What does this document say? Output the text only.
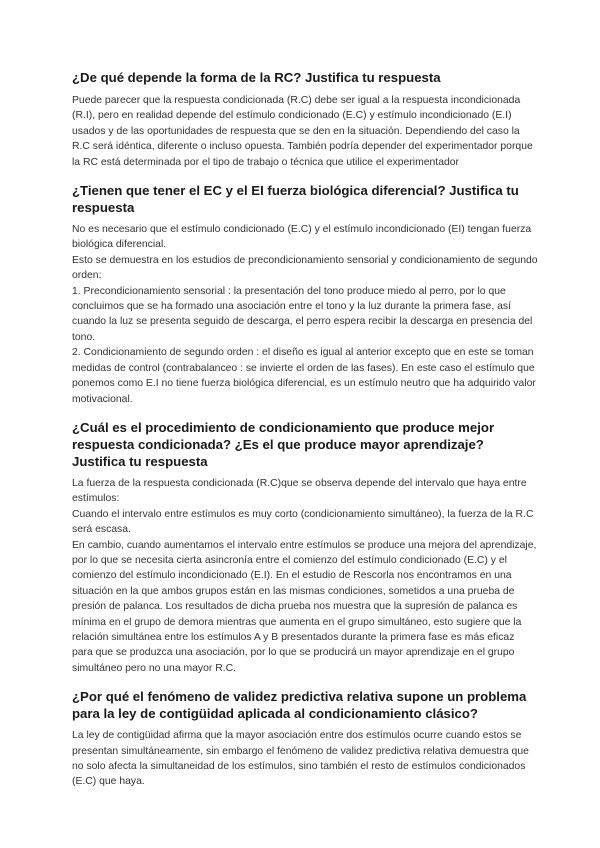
¿De qué depende la forma de la RC? Justifica tu respuesta

Puede parecer que la respuesta condicionada (R.C) debe ser igual a la respuesta incondicionada (R.I), pero en realidad depende del estímulo condicionado (E.C) y estímulo incondicionado (E.I) usados y de las oportunidades de respuesta que se den en la situación. Dependiendo del caso la R.C será idéntica, diferente o incluso opuesta. También podría depender del experimentador porque la RC está determinada por el tipo de trabajo o técnica que utilice el experimentador

¿Tienen que tener el EC y el EI fuerza biológica diferencial? Justifica tu respuesta

No es necesario que el estímulo condicionado (E.C) y el estímulo incondicionado (EI) tengan fuerza biológica diferencial.

Esto se demuestra en los estudios de precondicionamiento sensorial y condicionamiento de segundo orden:

1. Precondicionamiento sensorial : la presentación del tono produce miedo al perro, por lo que concluimos que se ha formado una asociación entre el tono y la luz durante la primera fase, así cuando la luz se presenta seguido de descarga, el perro espera recibir la descarga en presencia del tono.

2. Condicionamiento de segundo orden : el diseño es igual al anterior excepto que en este se toman medidas de control (contrabalanceo : se invierte el orden de las fases). En este caso el estímulo que ponemos como E.I no tiene fuerza biológica diferencial, es un estímulo neutro que ha adquirido valor motivacional.

¿Cuál es el procedimiento de condicionamiento que produce mejor respuesta condicionada? ¿Es el que produce mayor aprendizaje? Justifica tu respuesta

La fuerza de la respuesta condicionada (R.C)que se observa depende del intervalo que haya entre estímulos:

Cuando el intervalo entre estímulos es muy corto (condicionamiento simultáneo), la fuerza de la R.C será escasa.

En cambio, cuando aumentamos el intervalo entre estímulos se produce una mejora del aprendizaje, por lo que se necesita cierta asincronía entre el comienzo del estímulo condicionado (E.C) y el comienzo del estímulo incondicionado (E.I). En el estudio de Rescorla nos encontramos en una situación en la que ambos grupos están en las mismas condiciones, sometidos a una prueba de presión de palanca. Los resultados de dicha prueba nos muestra que la supresión de palanca es mínima en el grupo de demora mientras que aumenta en el grupo simultáneo, esto sugiere que la relación simultánea entre los estímulos A y B presentados durante la primera fase es más eficaz para que se produzca una asociación, por lo que se producirá un mayor aprendizaje en el grupo simultáneo pero no una mayor R.C.

¿Por qué el fenómeno de validez predictiva relativa supone un problema para la ley de contigüidad aplicada al condicionamiento clásico?

La ley de contigüidad afirma que la mayor asociación entre dos estímulos ocurre cuando estos se presentan simultáneamente, sin embargo el fenómeno de validez predictiva relativa demuestra que no solo afecta la simultaneidad de los estímulos, sino también el resto de estímulos condicionados (E.C) que haya.
